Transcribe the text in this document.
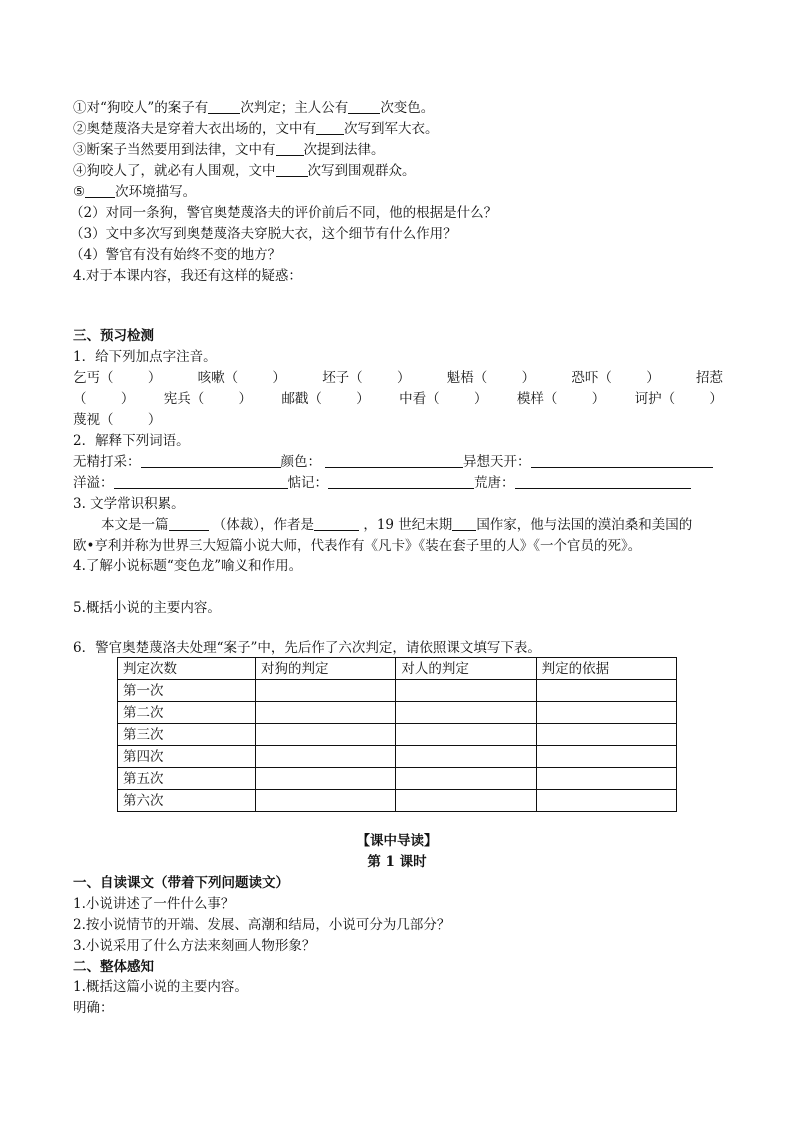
①对“狗咬人”的案子有 次判定；主人公有 次变色。
②奥楚蔑洛夫是穿着大衣出场的，文中有 次写到军大衣。
③断案子当然要用到法律，文中有 次提到法律。
④狗咬人了，就必有人围观，文中 次写到围观群众。
⑤ 次环境描写。
（2）对同一条狗，警官奥楚蔑洛夫的评价前后不同，他的根据是什么？
（3）文中多次写到奥楚蔑洛夫穿脱大衣，这个细节有什么作用？
（4）警官有没有始终不变的地方？
4.对于本课内容，我还有这样的疑惑：
三、预习检测
1．给下列加点字注音。
乞丐（        ）	咳嗽（        ）	坯子（        ）	魁梧（        ）	恐吓（        ）	招惹
（        ） 宪兵（        ） 邮戳（        ） 中看（        ） 模样（        ） 诃护（        ）
蔑视（        ）
2．解释下列词语。
无精打采：	颜色：	异想天开：
洋溢：	惦记：	荒唐：
3. 文学常识积累。
本文是一篇	（体裁），作者是	，19 世纪末期 国作家，他与法国的漠泊桑和美国的
欧•亨利并称为世界三大短篇小说大师，代表作有《凡卡》《装在套子里的人》《一个官员的死》。
4.了解小说标题“变色龙”喻义和作用。
5.概括小说的主要内容。
6．警官奥楚蔑洛夫处理“案子”中，先后作了六次判定，请依照课文填写下表。
判定次数	对狗的判定	对人的判定	判定的依据
第一次			
第二次			
第三次			
第四次			
第五次			
第六次			
【课中导读】
第 1 课时
一、自读课文（带着下列问题读文）
1.小说讲述了一件什么事？
2.按小说情节的开端、发展、高潮和结局，小说可分为几部分？
3.小说采用了什么方法来刻画人物形象？
二、整体感知
1.概括这篇小说的主要内容。
明确：
